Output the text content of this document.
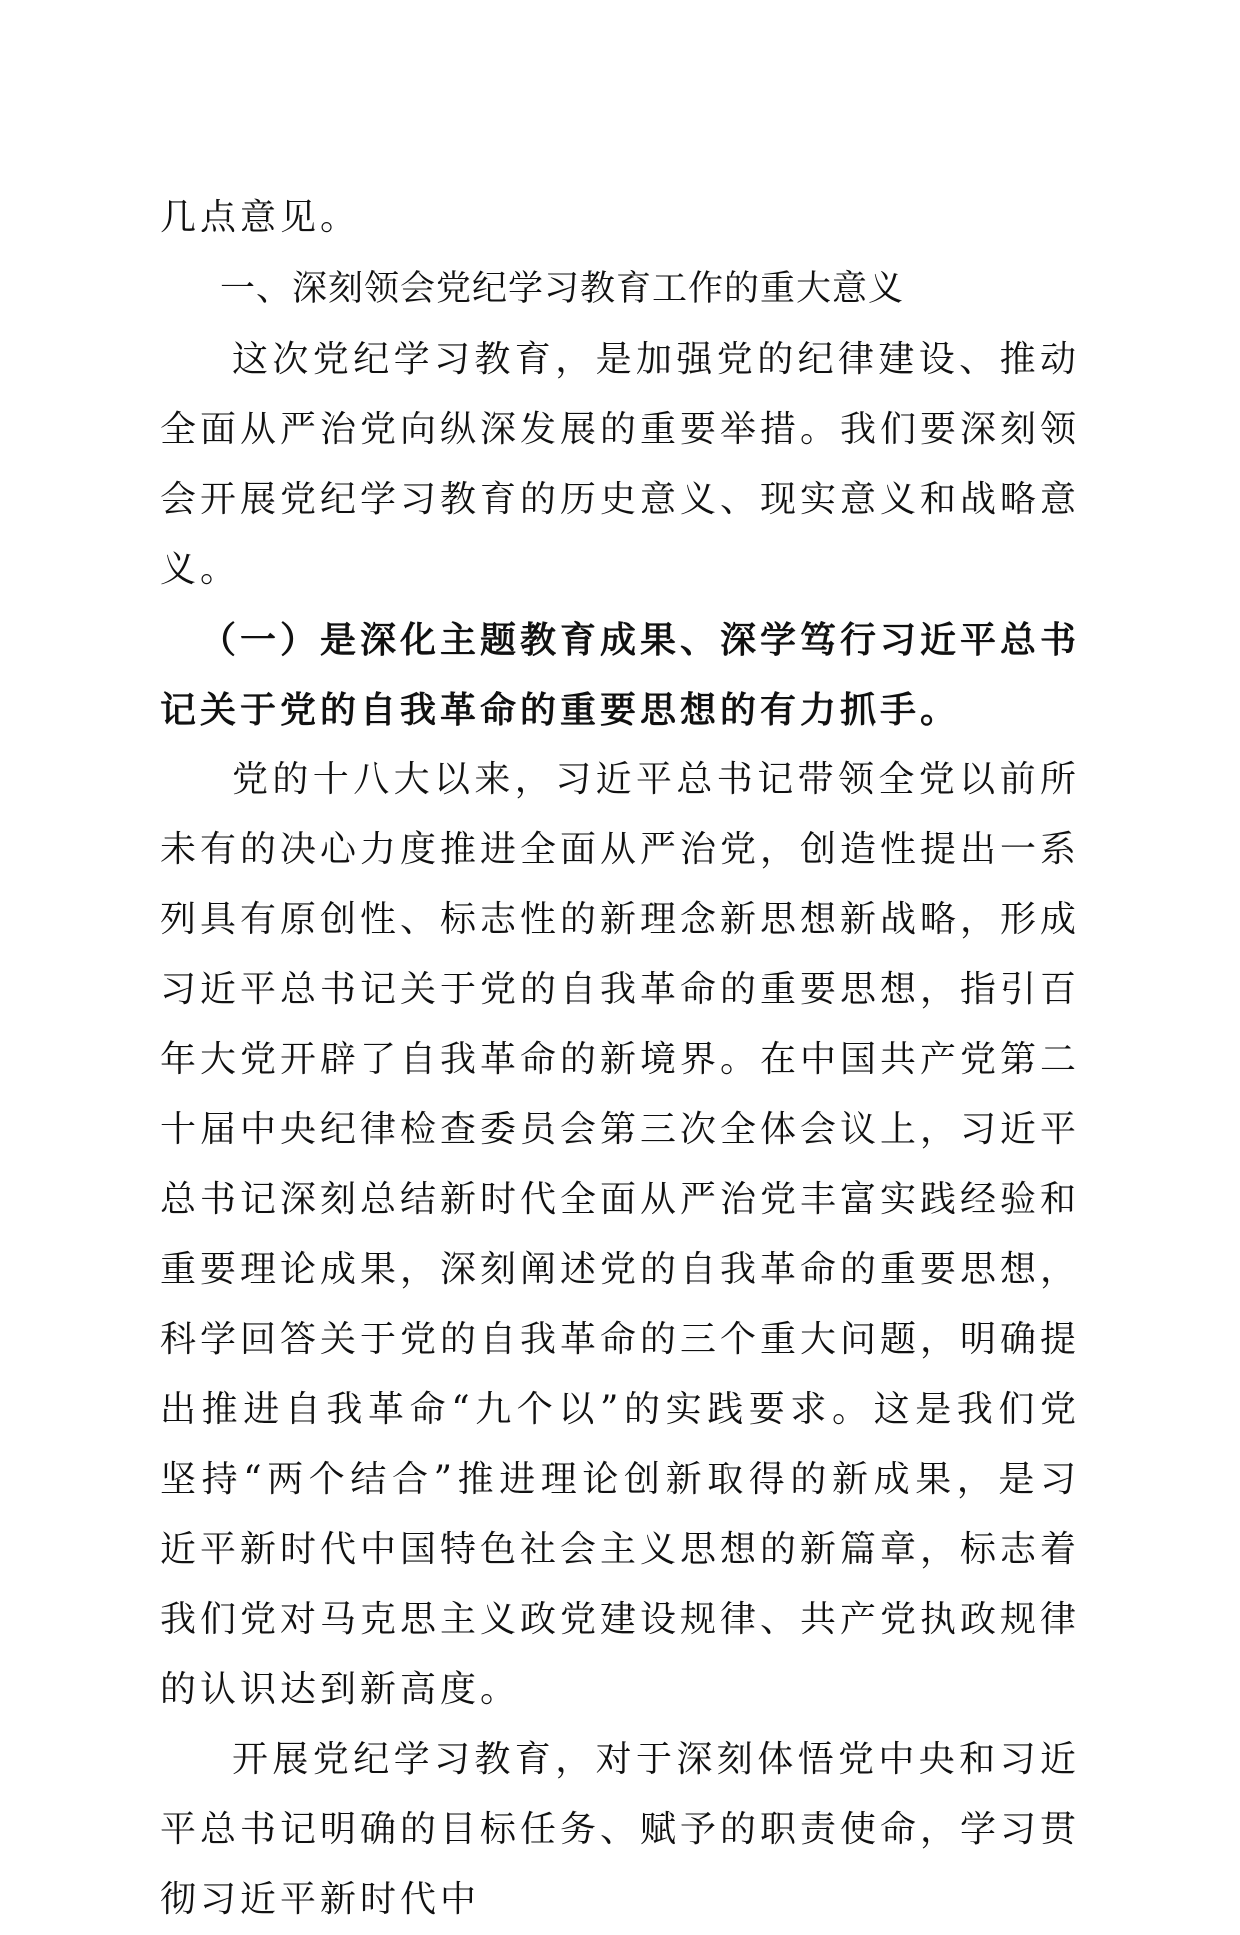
几点意见。

一、深刻领会党纪学习教育工作的重大意义

这次党纪学习教育，是加强党的纪律建设、推动全面从严治党向纵深发展的重要举措。我们要深刻领会开展党纪学习教育的历史意义、现实意义和战略意义。

（一）是深化主题教育成果、深学笃行习近平总书记关于党的自我革命的重要思想的有力抓手。

党的十八大以来，习近平总书记带领全党以前所未有的决心力度推进全面从严治党，创造性提出一系列具有原创性、标志性的新理念新思想新战略，形成习近平总书记关于党的自我革命的重要思想，指引百年大党开辟了自我革命的新境界。在中国共产党第二十届中央纪律检查委员会第三次全体会议上，习近平总书记深刻总结新时代全面从严治党丰富实践经验和重要理论成果，深刻阐述党的自我革命的重要思想，科学回答关于党的自我革命的三个重大问题，明确提出推进自我革命“九个以”的实践要求。这是我们党坚持“两个结合”推进理论创新取得的新成果，是习近平新时代中国特色社会主义思想的新篇章，标志着我们党对马克思主义政党建设规律、共产党执政规律的认识达到新高度。

开展党纪学习教育，对于深刻体悟党中央和习近平总书记明确的目标任务、赋予的职责使命，学习贯彻习近平新时代中
